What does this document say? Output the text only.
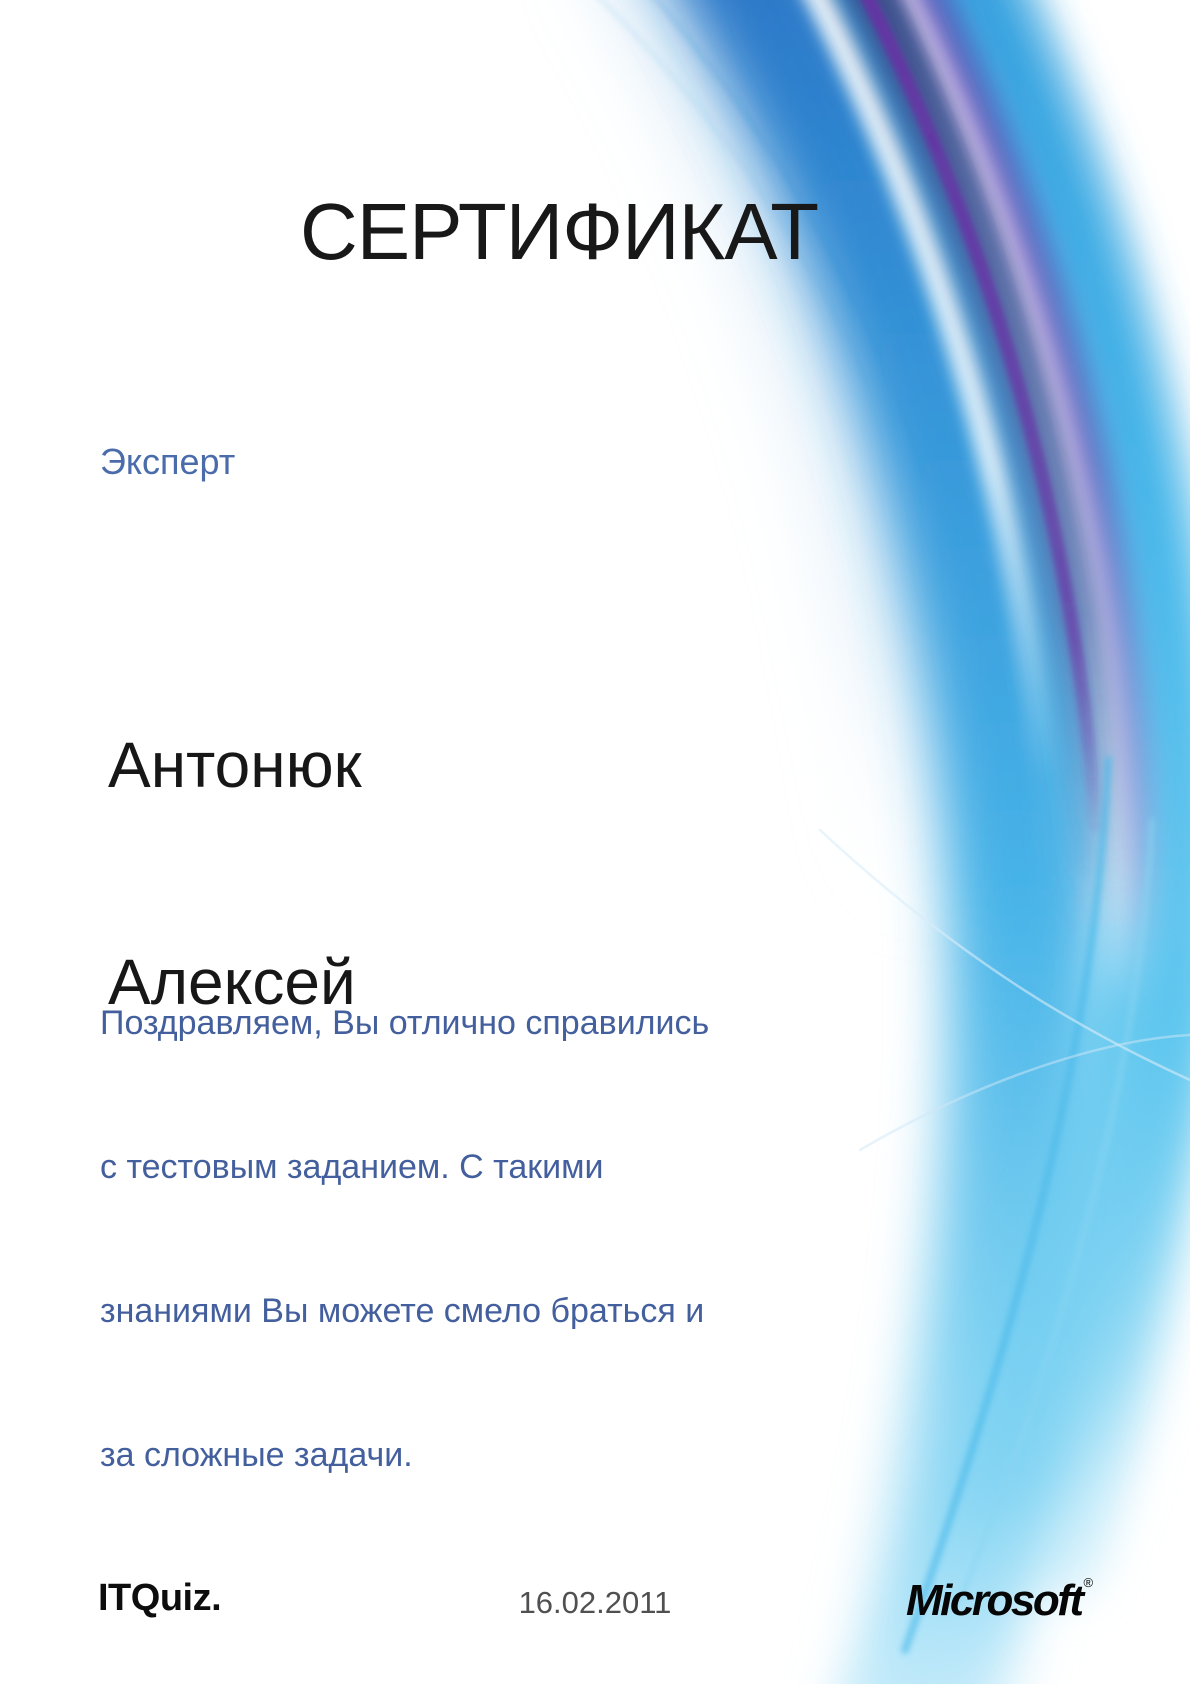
СЕРТИФИКАТ
Эксперт

Антонюк

Алексей

Поздравляем, Вы отлично справились

с тестовым заданием. С такими

знаниями Вы можете смело браться и

за сложные задачи.

ITQuiz.	16.02.2011	Microsoft ®
